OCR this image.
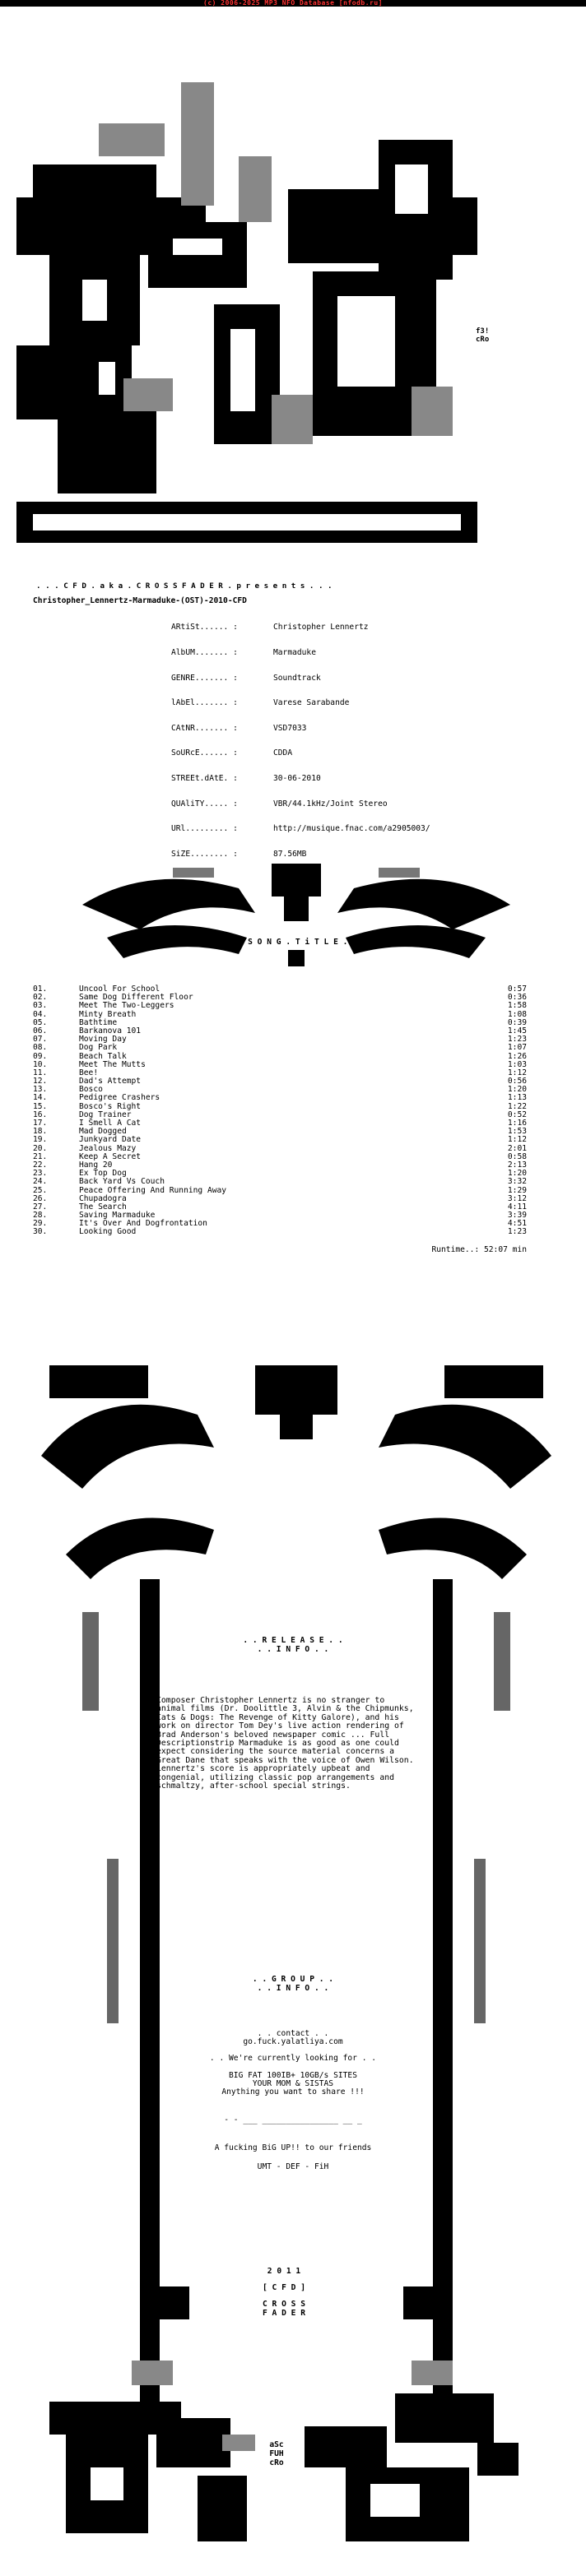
(c) 2006-2025 MP3 NFO Database [nfodb.ru]
f3!
cRo
. . . C F D . a k a . C R O S S F A D E R . p r e s e n t s . . .
Christopher_Lennertz-Marmaduke-(OST)-2010-CFD

ARtiSt...... :	Christopher Lennertz

AlbUM....... :	Marmaduke

GENRE....... :	Soundtrack

lAbEl....... :	Varese Sarabande

CAtNR....... :	VSD7033

SoURcE...... :	CDDA

STREEt.dAtE. :	30-06-2010

QUAliTY..... :	VBR/44.1kHz/Joint Stereo

URl......... :	http://musique.fnac.com/a2905003/

SiZE........ :	87.56MB

. . S O N G . T i T L E . .
01.	Uncool For School	0:57
02.	Same Dog Different Floor	0:36
03.	Meet The Two-Leggers	1:58
04.	Minty Breath	1:08
05.	Bathtime	0:39
06.	Barkanova 101	1:45
07.	Moving Day	1:23
08.	Dog Park	1:07
09.	Beach Talk	1:26
10.	Meet The Mutts	1:03
11.	Bee!	1:12
12.	Dad's Attempt	0:56
13.	Bosco	1:20
14.	Pedigree Crashers	1:13
15.	Bosco's Right	1:22
16.	Dog Trainer	0:52
17.	I Smell A Cat	1:16
18.	Mad Dogged	1:53
19.	Junkyard Date	1:12
20.	Jealous Mazy	2:01
21.	Keep A Secret	0:58
22.	Hang 20	2:13
23.	Ex Top Dog	1:20
24.	Back Yard Vs Couch	3:32
25.	Peace Offering And Running Away	1:29
26.	Chupadogra	3:12
27.	The Search	4:11
28.	Saving Marmaduke	3:39
29.	It's Over And Dogfrontation	4:51
30.	Looking Good	1:23
Runtime..: 52:07 min
. . R E L E A S E . .
. . I N F O . .
Composer Christopher Lennertz is no stranger to animal films (Dr. Doolittle 3, Alvin & the Chipmunks, Cats & Dogs: The Revenge of Kitty Galore), and his work on director Tom Dey's live action rendering of Brad Anderson's beloved newspaper comic ... Full Descriptionstrip Marmaduke is as good as one could expect considering the source material concerns a Great Dane that speaks with the voice of Owen Wilson. Lennertz's score is appropriately upbeat and congenial, utilizing classic pop arrangements and schmaltzy, after-school special strings.
. . G R O U P . .
. . I N F O . .
. . contact . .
go.fuck.yalatliya.com
. . We're currently looking for . .
BIG FAT 100IB+ 10GB/s SITES
YOUR MOM & SISTAS
Anything you want to share !!!
- - ___ ________________ __ _
A fucking BiG UP!! to our friends
UMT - DEF - FiH
2 0 1 1
[ C F D ]
C R O S S
F A D E R
aSc
FUH
cRo
